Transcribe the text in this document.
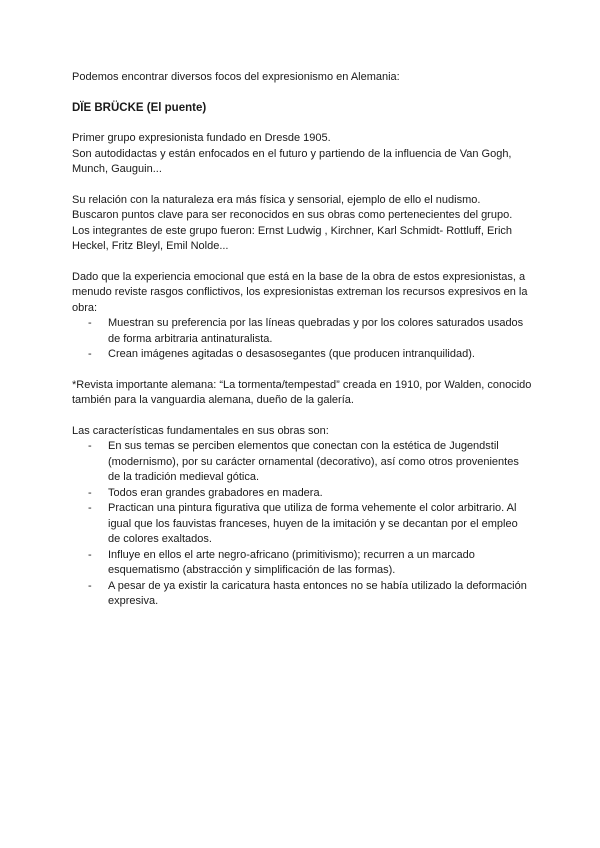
Podemos encontrar diversos focos del expresionismo en Alemania:

DÏE BRÜCKE (El puente)

Primer grupo expresionista fundado en Dresde 1905.
Son autodidactas y están enfocados en el futuro y partiendo de la influencia de Van Gogh, Munch, Gauguin...

Su relación con la naturaleza era más física y sensorial, ejemplo de ello el nudismo.
Buscaron puntos clave para ser reconocidos en sus obras como pertenecientes del grupo.
Los integrantes de este grupo fueron: Ernst Ludwig , Kirchner, Karl Schmidt- Rottluff, Erich Heckel, Fritz Bleyl, Emil Nolde...

Dado que la experiencia emocional que está en la base de la obra de estos expresionistas, a menudo reviste rasgos conflictivos, los expresionistas extreman los recursos expresivos en la obra:

- Muestran su preferencia por las líneas quebradas y por los colores saturados usados de forma arbitraria antinaturalista.
- Crean imágenes agitadas o desasosegantes (que producen intranquilidad).

*Revista importante alemana: “La tormenta/tempestad” creada en 1910, por Walden, conocido también para la vanguardia alemana, dueño de la galería.

Las características fundamentales en sus obras son:

- En sus temas se perciben elementos que conectan con la estética de Jugendstil (modernismo), por su carácter ornamental (decorativo), así como otros provenientes de la tradición medieval gótica.
- Todos eran grandes grabadores en madera.
- Practican una pintura figurativa que utiliza de forma vehemente el color arbitrario. Al igual que los fauvistas franceses, huyen de la imitación y se decantan por el empleo de colores exaltados.
- Influye en ellos el arte negro-africano (primitivismo); recurren a un marcado esquematismo (abstracción y simplificación de las formas).
- A pesar de ya existir la caricatura hasta entonces no se había utilizado la deformación expresiva.
